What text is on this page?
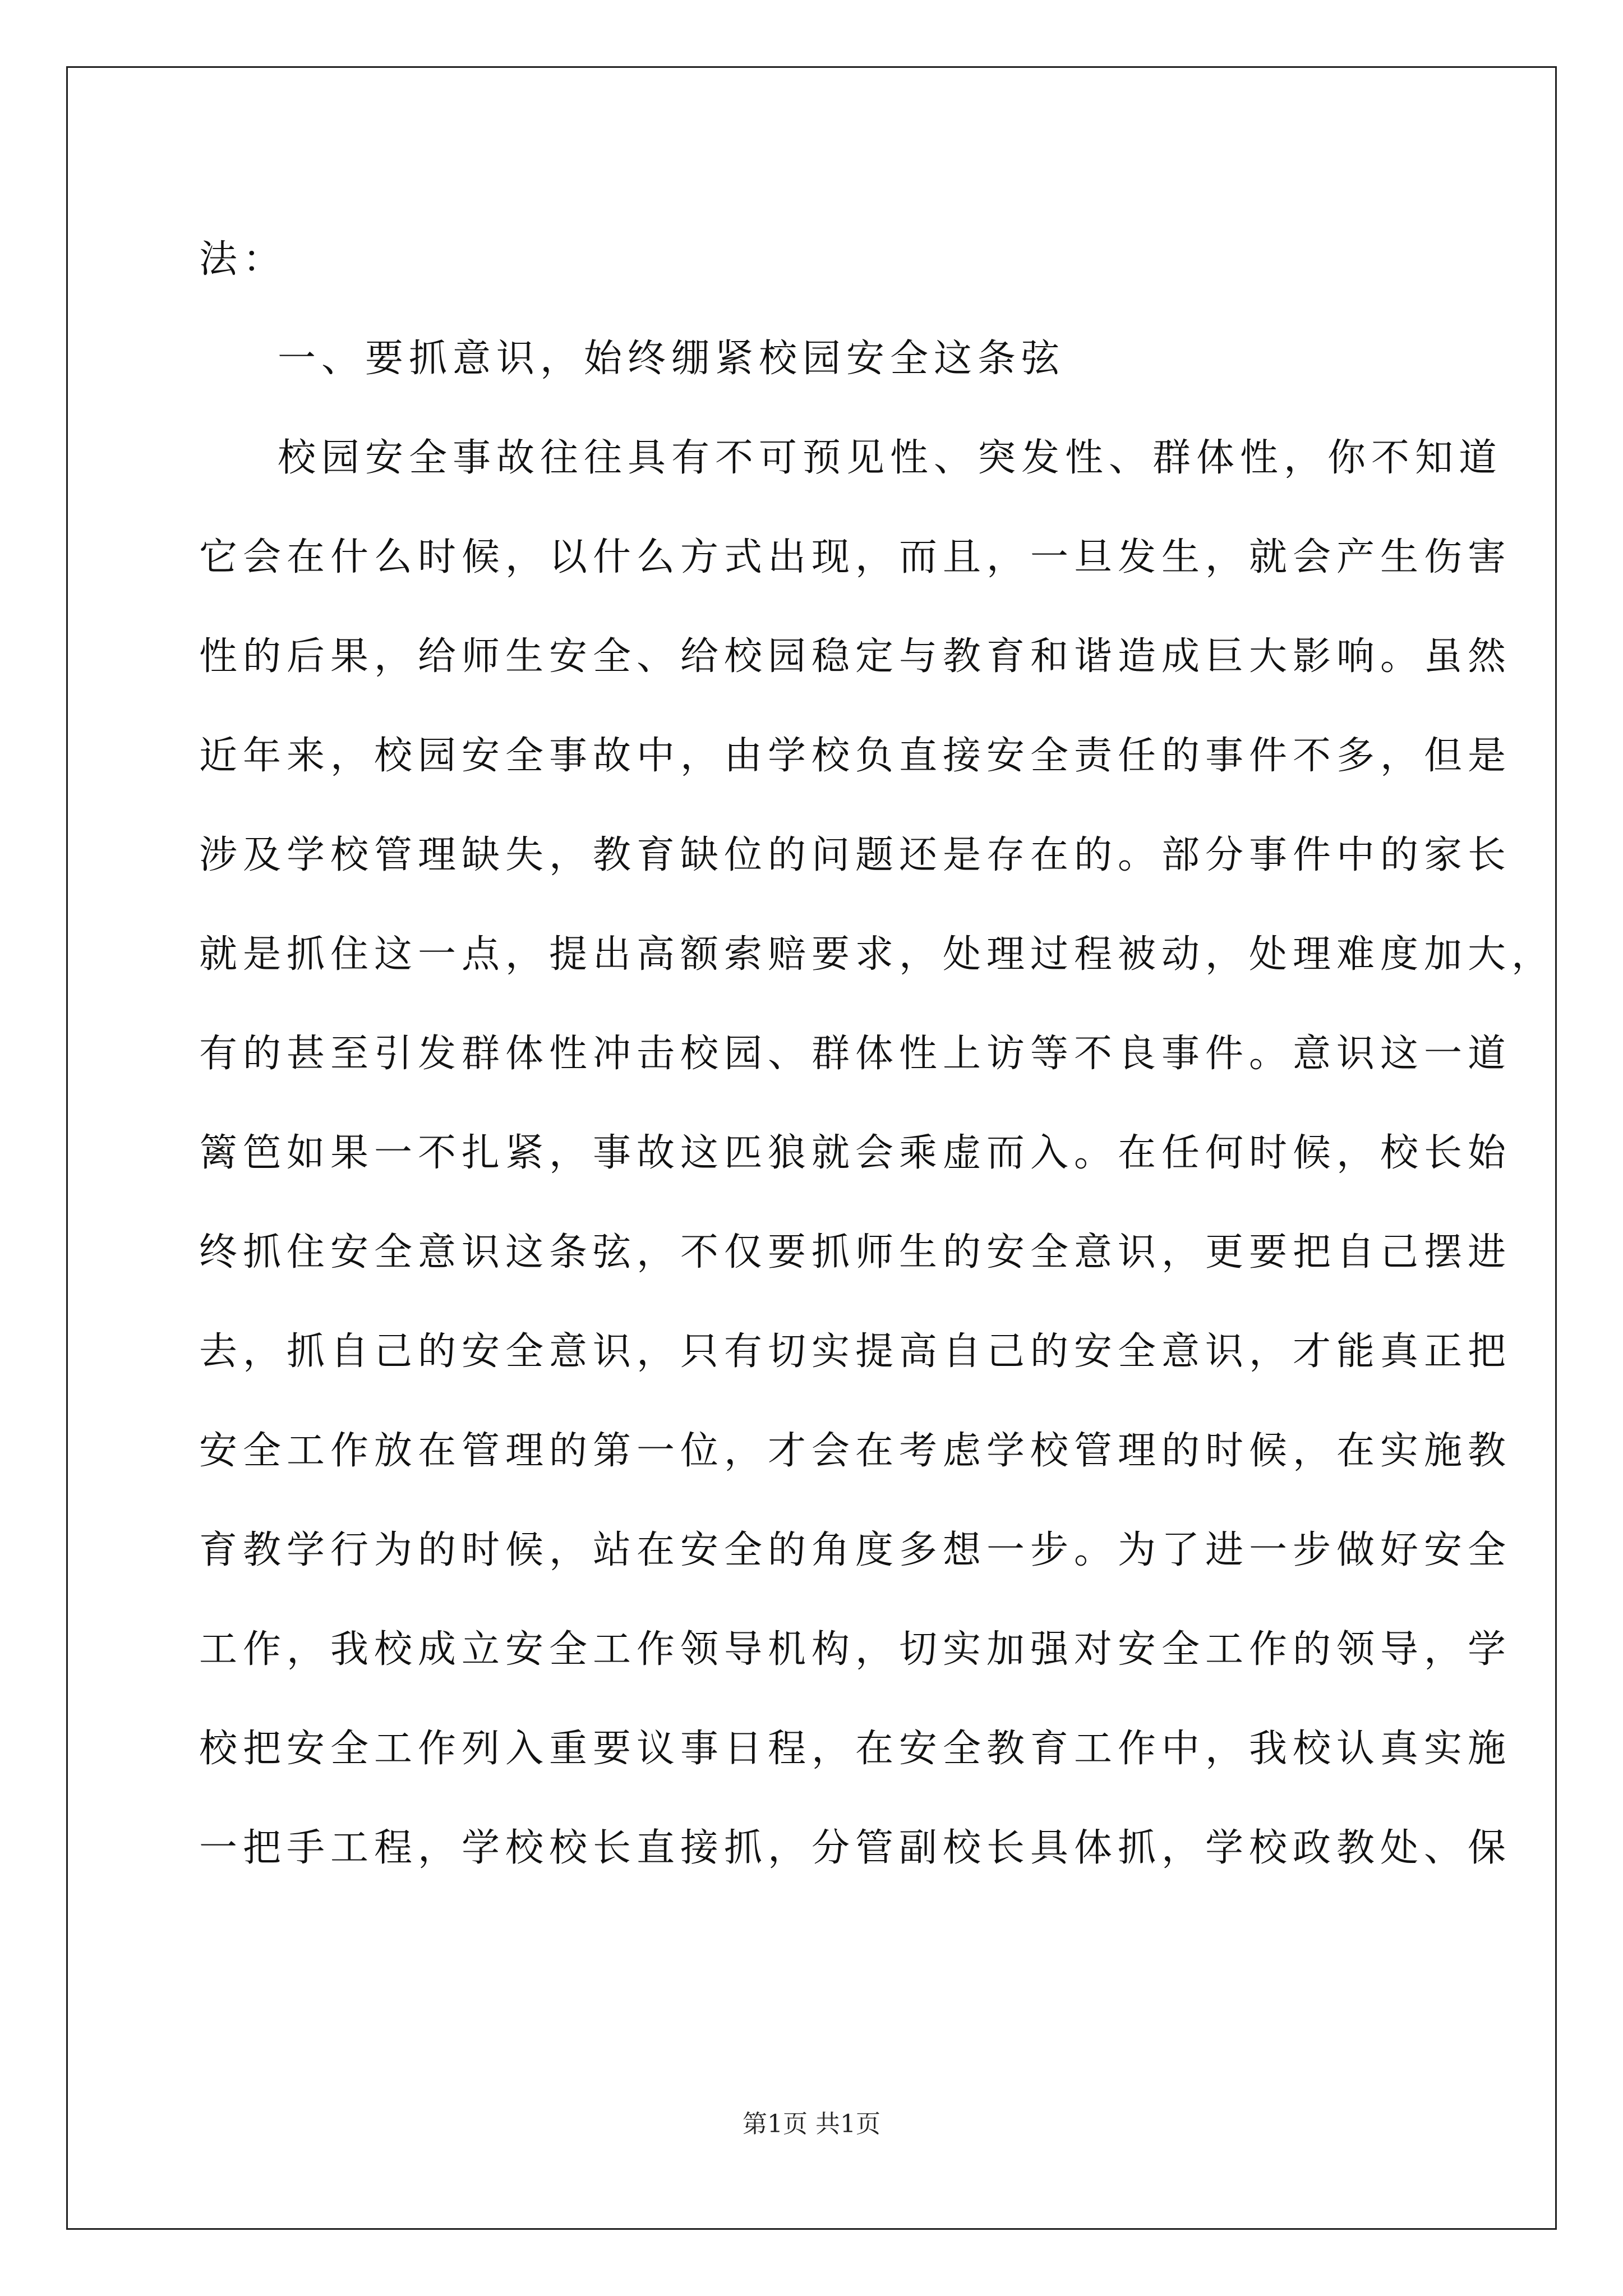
法：
一、要抓意识，始终绷紧校园安全这条弦
校园安全事故往往具有不可预见性、突发性、群体性，你不知道
它会在什么时候，以什么方式出现，而且，一旦发生，就会产生伤害
性的后果，给师生安全、给校园稳定与教育和谐造成巨大影响。虽然
近年来，校园安全事故中，由学校负直接安全责任的事件不多，但是
涉及学校管理缺失，教育缺位的问题还是存在的。部分事件中的家长
就是抓住这一点，提出高额索赔要求，处理过程被动，处理难度加大，
有的甚至引发群体性冲击校园、群体性上访等不良事件。意识这一道
篱笆如果一不扎紧，事故这匹狼就会乘虚而入。在任何时候，校长始
终抓住安全意识这条弦，不仅要抓师生的安全意识，更要把自己摆进
去，抓自己的安全意识，只有切实提高自己的安全意识，才能真正把
安全工作放在管理的第一位，才会在考虑学校管理的时候，在实施教
育教学行为的时候，站在安全的角度多想一步。为了进一步做好安全
工作，我校成立安全工作领导机构，切实加强对安全工作的领导，学
校把安全工作列入重要议事日程，在安全教育工作中，我校认真实施
一把手工程，学校校长直接抓，分管副校长具体抓，学校政教处、保
第1页 共1页
